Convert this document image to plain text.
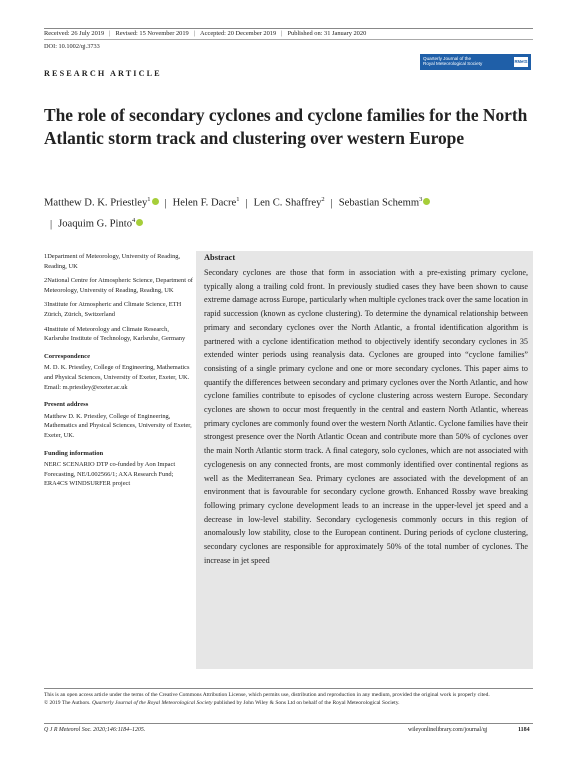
Received: 26 July 2019 | Revised: 15 November 2019 | Accepted: 20 December 2019 | Published on: 31 January 2020
DOI: 10.1002/qj.3733
RESEARCH ARTICLE
Quarterly Journal of the
Royal Meteorological Society	RMetS
The role of secondary cyclones and cyclone families for the North Atlantic storm track and clustering over western Europe
Matthew D. K. Priestley$^1$ | Helen F. Dacre$^1$ | Len C. Shaffrey$^2$ | Sebastian Schemm$^3$| Joaquim G. Pinto$^4$

1Department of Meteorology, University of Reading, Reading, UK

2National Centre for Atmospheric Science, Department of Meteorology, University of Reading, Reading, UK

3Institute for Atmospheric and Climate Science, ETH Zürich, Zürich, Switzerland

4Institute of Meteorology and Climate Research, Karlsruhe Institute of Technology, Karlsruhe, Germany

Correspondence
M. D. K. Priestley, College of Engineering, Mathematics and Physical Sciences, University of Exeter, Exeter, UK.
Email: m.priestley@exeter.ac.uk
Present address
Matthew D. K. Priestley, College of Engineering, Mathematics and Physical Sciences, University of Exeter, Exeter, UK.
Funding information
NERC SCENARIO DTP co-funded by Aon Impact Forecasting, NE/L002566/1; AXA Research Fund; ERA4CS WINDSURFER project
Abstract
Secondary cyclones are those that form in association with a pre-existing primary cyclone, typically along a trailing cold front. In previously studied cases they have been shown to cause extreme damage across Europe, particularly when multiple cyclones track over the same location in rapid succession (known as cyclone clustering). To determine the dynamical relationship between primary and secondary cyclones over the North Atlantic, a frontal identification algorithm is partnered with a cyclone identification method to objectively identify secondary cyclones in 35 extended winter periods using reanalysis data. Cyclones are grouped into “cyclone families” consisting of a single primary cyclone and one or more secondary cyclones. This paper aims to quantify the differences between secondary and primary cyclones over the North Atlantic, and how cyclone families contribute to episodes of cyclone clustering across western Europe. Secondary cyclones are shown to occur most frequently in the central and eastern North Atlantic, whereas primary cyclones are commonly found over the western North Atlantic. Cyclone families have their strongest presence over the North Atlantic Ocean and contribute more than 50% of cyclones over the main North Atlantic storm track. A final category, solo cyclones, which are not associated with cyclogenesis on any connected fronts, are most commonly identified over continental regions as well as the Mediterranean Sea. Primary cyclones are associated with the development of an environment that is favourable for secondary cyclone growth. Enhanced Rossby wave breaking following primary cyclone development leads to an increase in the upper-level jet speed and a decrease in low-level stability. Secondary cyclogenesis commonly occurs in this region of anomalously low stability, close to the European continent. During periods of cyclone clustering, secondary cyclones are responsible for approximately 50% of the total number of cyclones. The increase in jet speed
This is an open access article under the terms of the Creative Commons Attribution License, which permits use, distribution and reproduction in any medium, provided the original work is properly cited.
© 2019 The Authors. Quarterly Journal of the Royal Meteorological Society published by John Wiley & Sons Ltd on behalf of the Royal Meteorological Society.
Q J R Meteorol Soc. 2020;146:1184–1205.	wileyonlinelibrary.com/journal/qj	1184
